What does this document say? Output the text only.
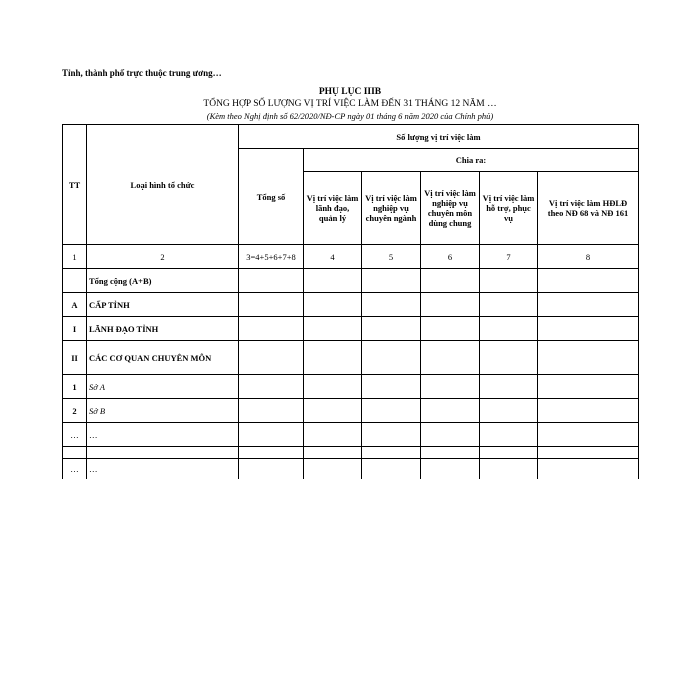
Tỉnh, thành phố trực thuộc trung ương…
PHỤ LỤC IIIB
TỔNG HỢP SỐ LƯỢNG VỊ TRÍ VIỆC LÀM ĐẾN 31 THÁNG 12 NĂM …
(Kèm theo Nghị định số 62/2020/NĐ-CP ngày 01 tháng 6 năm 2020 của Chính phủ)
TT	Loại hình tổ chức	Số lượng vị trí việc làm					
		Tổng số	Chia ra:				
			Vị trí việc làm lãnh đạo, quản lý	Vị trí việc làm nghiệp vụ chuyên ngành	Vị trí việc làm nghiệp vụ chuyên môn dùng chung	Vị trí việc làm hỗ trợ, phục vụ	Vị trí việc làm HĐLĐ theo NĐ 68 và NĐ 161
1	2	3=4+5+6+7+8	4	5	6	7	8
	Tổng cộng (A+B)						
A	CẤP TỈNH						
I	LÃNH ĐẠO TỈNH						
II	CÁC CƠ QUAN CHUYÊN MÔN						
1	Sở A						
2	Sở B						
…	…						

…	…						
